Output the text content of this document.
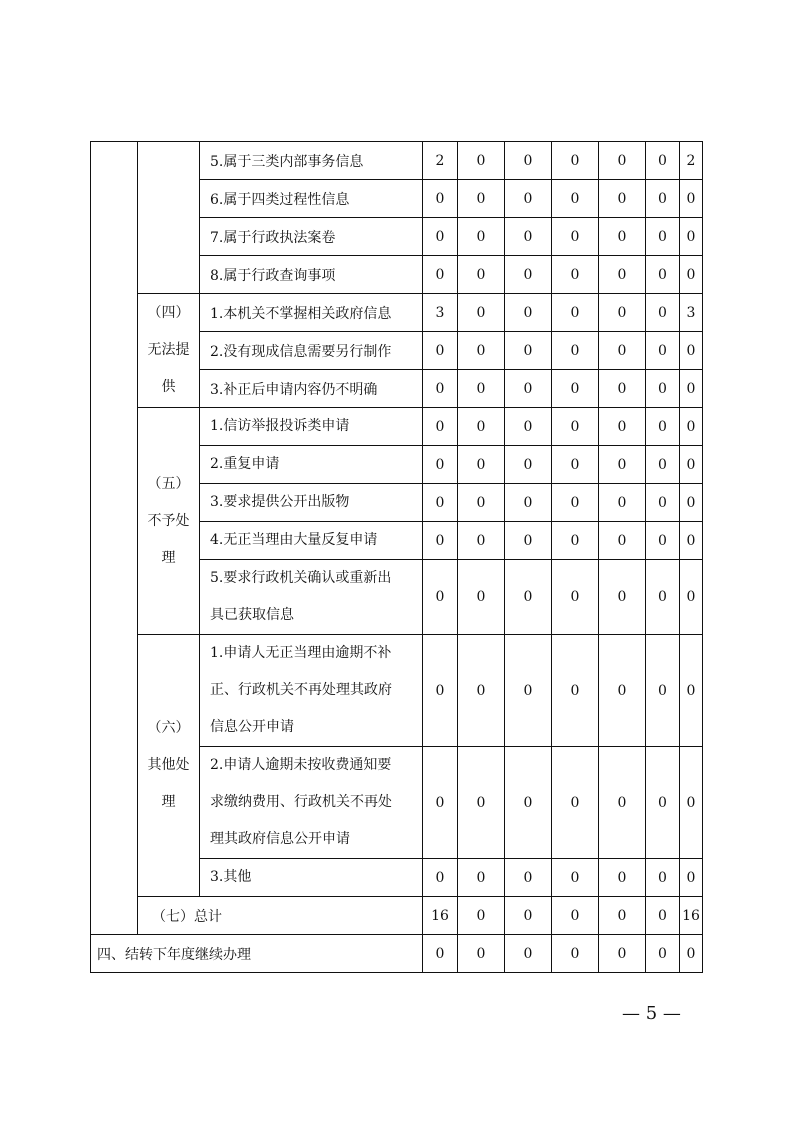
		5.属于三类内部事务信息	2	0	0	0	0	0	2
		6.属于四类过程性信息	0	0	0	0	0	0	0
		7.属于行政执法案卷	0	0	0	0	0	0	0
		8.属于行政查询事项	0	0	0	0	0	0	0

	（四）
无法提
供	1.本机关不掌握相关政府信息	3	0	0	0	0	0	3
		2.没有现成信息需要另行制作	0	0	0	0	0	0	0
		3.补正后申请内容仍不明确	0	0	0	0	0	0	0

	（五）
不予处
理	1.信访举报投诉类申请	0	0	0	0	0	0	0

		2.重复申请	0	0	0	0	0	0	0

		3.要求提供公开出版物	0	0	0	0	0	0	0

		4.无正当理由大量反复申请	0	0	0	0	0	0	0

		5.要求行政机关确认或重新出
具已获取信息	0	0	0	0	0	0	0

	（六）
其他处
理	1.申请人无正当理由逾期不补
正、行政机关不再处理其政府
信息公开申请	0	0	0	0	0	0	0

		2.申请人逾期未按收费通知要
求缴纳费用、行政机关不再处
理其政府信息公开申请	0	0	0	0	0	0	0

		3.其他	0	0	0	0	0	0	0
	（七）总计		16	0	0	0	0	0	16
四、结转下年度继续办理			0	0	0	0	0	0	0
— 5 —
